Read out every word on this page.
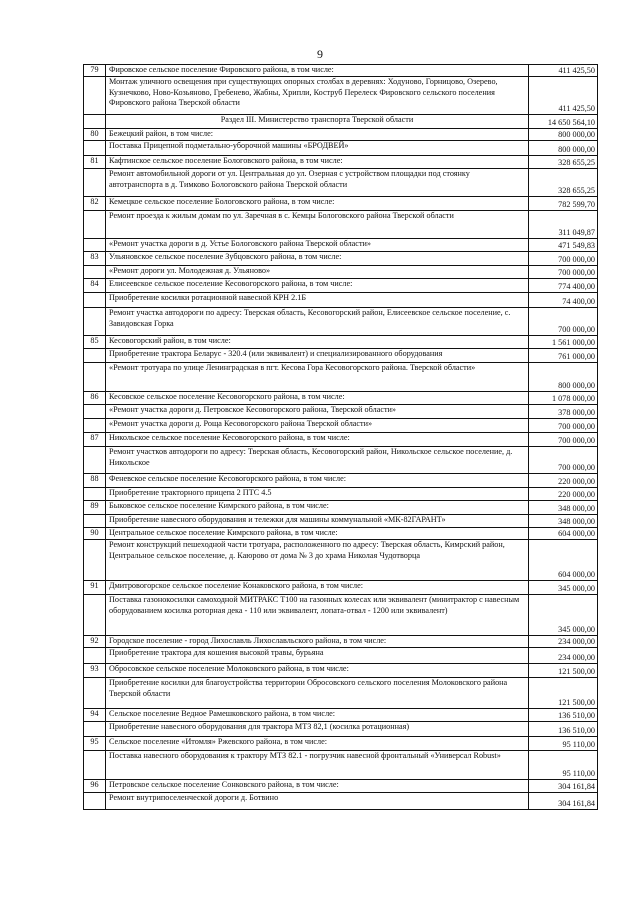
9
79	Фировское сельское поселение Фировского района, в том числе:	411 425,50
	Монтаж уличного освещения при существующих опорных столбах в деревнях: Ходуново, Горницово, Озерево, Кузнечково, Ново-Козьяново, Гребенево, Жабны, Хрипли, Коструб Перелеск Фировского сельского поселения Фировского района Тверской области	411 425,50
	Раздел III. Министерство транспорта Тверской области	14 650 564,10
80	Бежецкий район, в том числе:	800 000,00
	Поставка Прицепной подметально-уборочной машины «БРОДВЕЙ»	800 000,00
81	Кафтинское сельское поселение Бологовского района, в том числе:	328 655,25
	Ремонт автомобильной дороги от ул. Центральная до ул. Озерная с устройством площадки под стоянку автотранспорта в д. Тимково Бологовского района Тверской области	328 655,25
82	Кемецкое сельское поселение Бологовского района, в том числе:	782 599,70
	Ремонт проезда к жилым домам по ул. Заречная в с. Кемцы Бологовского района Тверской области	311 049,87
	«Ремонт участка дороги в д. Устье Бологовского района Тверской области»	471 549,83
83	Ульяновское сельское поселение Зубцовского района, в том числе:	700 000,00
	«Ремонт дороги ул. Молодежная д. Ульяново»	700 000,00
84	Елисеевское сельское поселение Кесовогорского района, в том числе:	774 400,00
	Приобретение косилки ротационной навесной КРН 2.1Б	74 400,00
	Ремонт участка автодороги по адресу: Тверская область, Кесовогорский район, Елисеевское сельское поселение, с. Завидовская Горка	700 000,00
85	Кесовогорский район, в том числе:	1 561 000,00
	Приобретение трактора Беларус - 320.4 (или эквивалент) и специализированного оборудования	761 000,00
	«Ремонт тротуара по улице Ленинградская в пгт. Кесова Гора Кесовогорского района. Тверской области»	800 000,00
86	Кесовское сельское поселение Кесовогорского района, в том числе:	1 078 000,00
	«Ремонт участка дороги д. Петровское Кесовогорского района, Тверской области»	378 000,00
	«Ремонт участка дороги д. Роща Кесовогорского района Тверской области»	700 000,00
87	Никольское сельское поселение Кесовогорского района, в том числе:	700 000,00
	Ремонт участков автодороги по адресу: Тверская область, Кесовогорский район, Никольское сельское поселение, д. Никольское	700 000,00
88	Феневское сельское поселение Кесовогорского района, в том числе:	220 000,00
	Приобретение тракторного прицепа 2 ПТС 4.5	220 000,00
89	Быковское сельское поселение Кимрского района, в том числе:	348 000,00
	Приобретение навесного оборудования и тележки для машины коммунальной «МК-82ГАРАНТ»	348 000,00
90	Центральное сельское поселение Кимрского района, в том числе:	604 000,00
	Ремонт конструкций пешеходной части тротуара, расположенного по адресу: Тверская область, Кимрский район, Центральное сельское поселение, д. Каюрово от дома № 3 до храма Николая Чудотворца	604 000,00
91	Дмитровогорское сельское поселение Конаковского района, в том числе:	345 000,00
	Поставка газонокосилки самоходной МИТРАКС Т100 на газонных колесах или эквивалент (минитрактор с навесным оборудованием косилка роторная дека - 110 или эквивалент, лопата-отвал - 1200 или эквивалент)	345 000,00
92	Городское поселение - город Лихославль Лихославльского района, в том числе:	234 000,00
	Приобретение трактора для кошения высокой травы, бурьяна	234 000,00
93	Обросовское сельское поселение Молоковского района, в том числе:	121 500,00
	Приобретение косилки для благоустройства территории Обросовского сельского поселения Молоковского района Тверской области	121 500,00
94	Сельское поселение Ведное Рамешковского района, в том числе:	136 510,00
	Приобретение навесного оборудования для трактора МТЗ 82,1 (косилка ротационная)	136 510,00
95	Сельское поселение «Итомля» Ржевского района, в том числе:	95 110,00
	Поставка навесного оборудования к трактору МТЗ 82.1 - погрузчик навесной фронтальный «Универсал Robust»	95 110,00
96	Петровское сельское поселение Сонковского района, в том числе:	304 161,84
	Ремонт внутрипоселенческой дороги д. Ботвино	304 161,84
